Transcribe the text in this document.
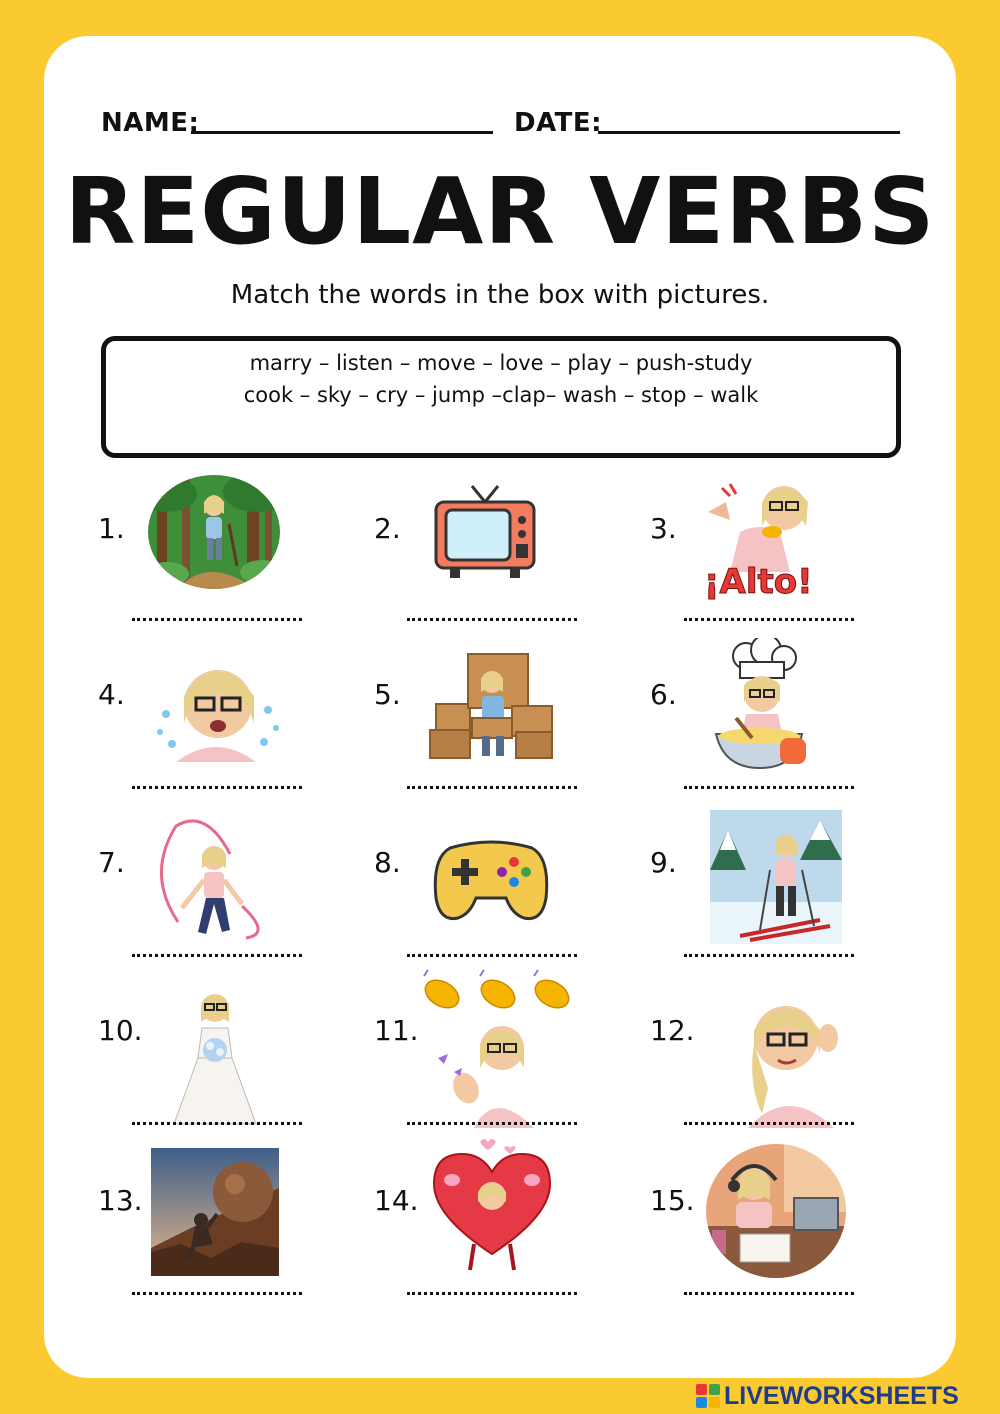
NAME:	DATE:
REGULAR VERBS
Match the words in the box with pictures.
marry – listen – move – love – play – push-study
cook – sky – cry – jump –clap– wash – stop – walk
1.	2.	3.
¡Alto!
4.	5.	6.
7.	8.	9.
10.	11.	12.
13.	14.	15.
LIVEWORKSHEETS
